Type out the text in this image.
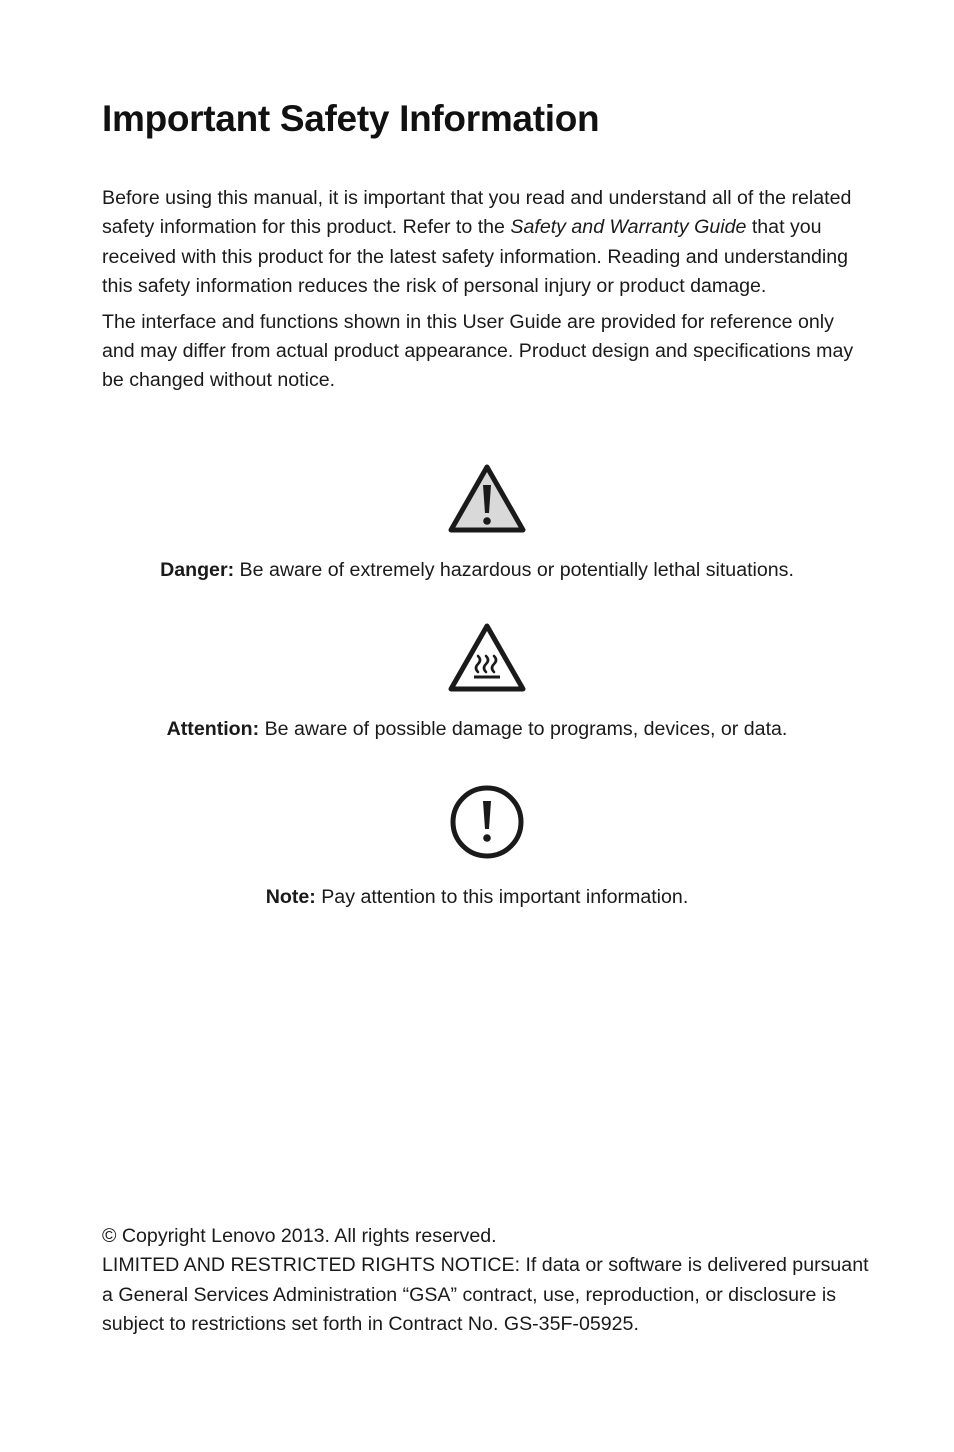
Important Safety Information

Before using this manual, it is important that you read and understand all of the related safety information for this product. Refer to the Safety and Warranty Guide that you received with this product for the latest safety information. Reading and understanding this safety information reduces the risk of personal injury or product damage.

The interface and functions shown in this User Guide are provided for reference only and may differ from actual product appearance. Product design and specifications may be changed without notice.

Danger: Be aware of extremely hazardous or potentially lethal situations.
Attention: Be aware of possible damage to programs, devices, or data.
Note: Pay attention to this important information.

© Copyright Lenovo 2013. All rights reserved.

LIMITED AND RESTRICTED RIGHTS NOTICE: If data or software is delivered pursuant a General Services Administration “GSA” contract, use, reproduction, or disclosure is subject to restrictions set forth in Contract No. GS-35F-05925.
